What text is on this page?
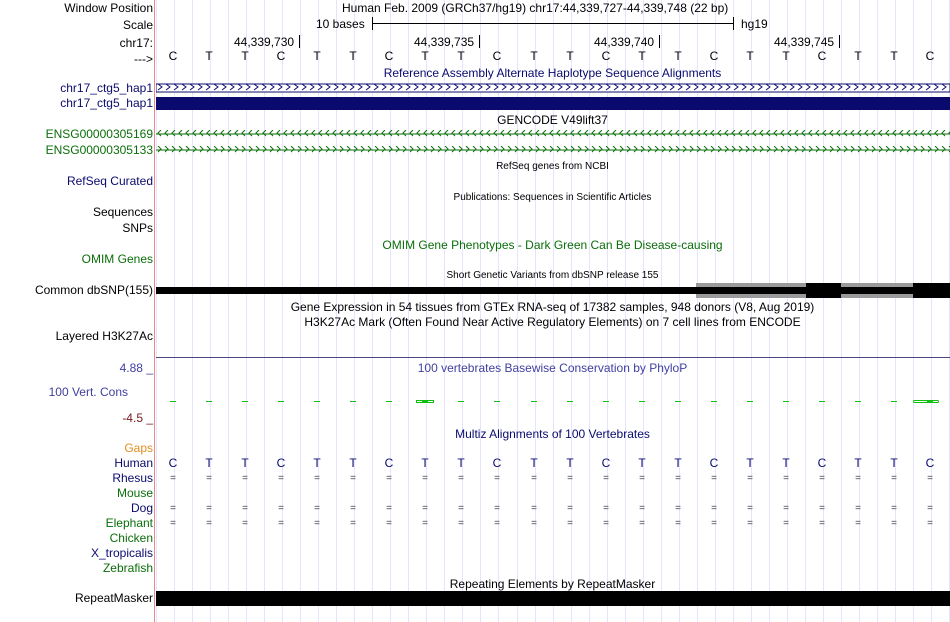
Window Position	Human Feb. 2009 (GRCh37/hg19) chr17:44,339,727-44,339,748 (22 bp)
Scale	10 bases	hg19
chr17:	44,339,730	44,339,735	44,339,740	44,339,745
---> C T T C T T C T T C T T C T T C T T C T T C
Reference Assembly Alternate Haplotype Sequence Alignments
chr17_ctg5_hap1
chr17_ctg5_hap1
GENCODE V49lift37
ENSG00000305169
ENSG00000305133
RefSeq genes from NCBI
RefSeq Curated
Publications: Sequences in Scientific Articles
Sequences
SNPs
OMIM Gene Phenotypes - Dark Green Can Be Disease-causing
OMIM Genes
Short Genetic Variants from dbSNP release 155
Common dbSNP(155)
Gene Expression in 54 tissues from GTEx RNA-seq of 17382 samples, 948 donors (V8, Aug 2019)
H3K27Ac Mark (Often Found Near Active Regulatory Elements) on 7 cell lines from ENCODE
Layered H3K27Ac
100 vertebrates Basewise Conservation by PhyloP
4.88 _
100 Vert. Cons
-4.5 _
Multiz Alignments of 100 Vertebrates
Gaps
Human C T T C T T C T T C T T C T T C T T C T T C
Rhesus	=	=	=	=	=	=	=	=	=	=	=	=	=	=	=	=	=	=	=	=	=	=
Mouse
Dog	=	=	=	=	=	=	=	=	=	=	=	=	=	=	=	=	=	=	=	=	=	=
Elephant	=	=	=	=	=	=	=	=	=	=	=	=	=	=	=	=	=	=	=	=	=	=
Chicken
X_tropicalis
Zebrafish
Repeating Elements by RepeatMasker
RepeatMasker
